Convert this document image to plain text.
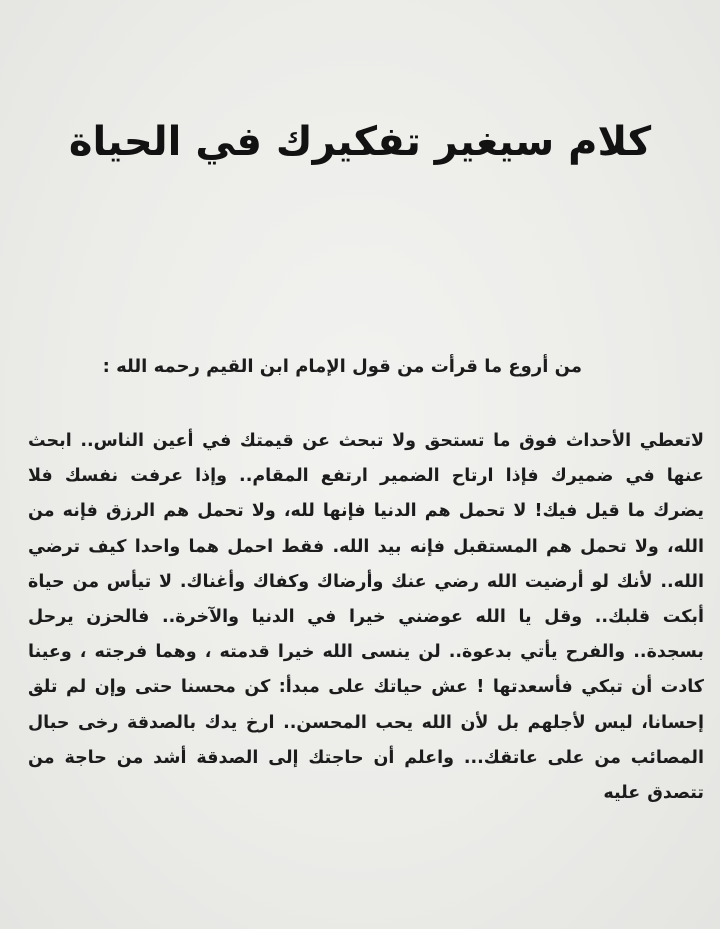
كلام سيغير تفكيرك في الحياة
من أروع ما قرأت من قول الإمام ابن القيم رحمه الله :

لاتعطي الأحداث فوق ما تستحق ولا تبحث عن قيمتك في أعين الناس.. ابحث عنها في ضميرك فإذا ارتاح الضمير ارتفع المقام.. وإذا عرفت نفسك فلا يضرك ما قيل فيك! لا تحمل هم الدنيا فإنها لله، ولا تحمل هم الرزق فإنه من الله، ولا تحمل هم المستقبل فإنه بيد الله. فقط احمل هما واحدا كيف ترضي الله.. لأنك لو أرضيت الله رضي عنك وأرضاك وكفاك وأغناك. لا تيأس من حياة أبكت قلبك.. وقل يا الله عوضني خيرا في الدنيا والآخرة.. فالحزن يرحل بسجدة.. والفرح يأتي بدعوة.. لن ينسى الله خيرا قدمته ، وهما فرجته ، وعينا كادت أن تبكي فأسعدتها ! عش حياتك على مبدأ: كن محسنا حتى وإن لم تلق إحسانا، ليس لأجلهم بل لأن الله يحب المحسن.. ارخ يدك بالصدقة رخى حبال المصائب من على عاتقك... واعلم أن حاجتك إلى الصدقة أشد من حاجة من تتصدق عليه
